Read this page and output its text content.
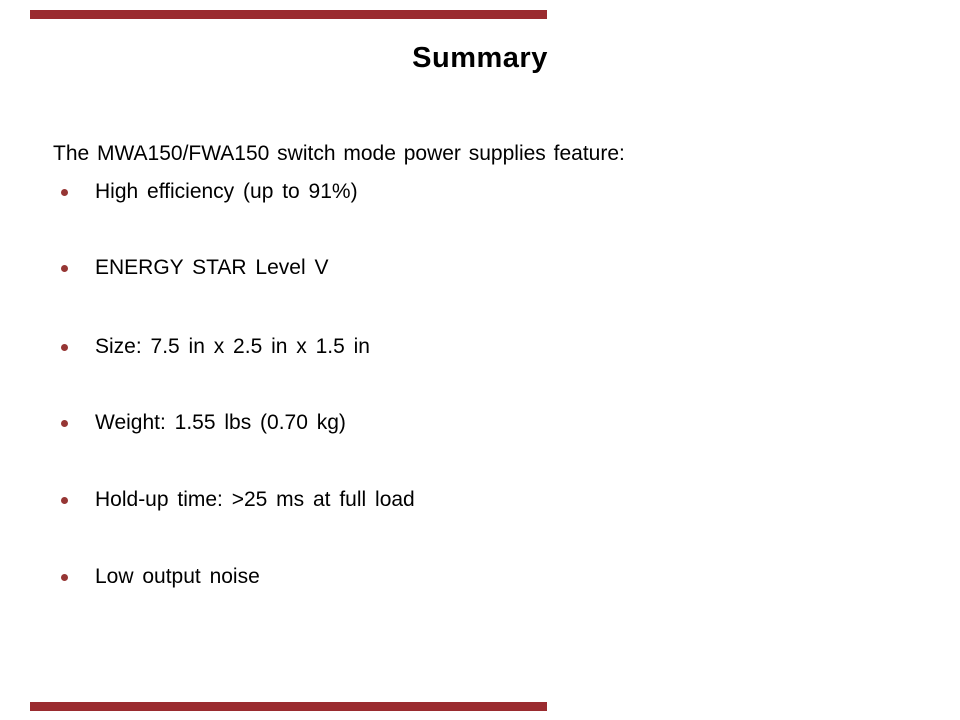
Summary
The MWA150/FWA150 switch mode power supplies feature:
High efficiency (up to 91%)
ENERGY STAR Level V
Size: 7.5 in x 2.5 in x 1.5 in
Weight: 1.55 lbs (0.70 kg)
Hold-up time: >25 ms at full load
Low output noise
